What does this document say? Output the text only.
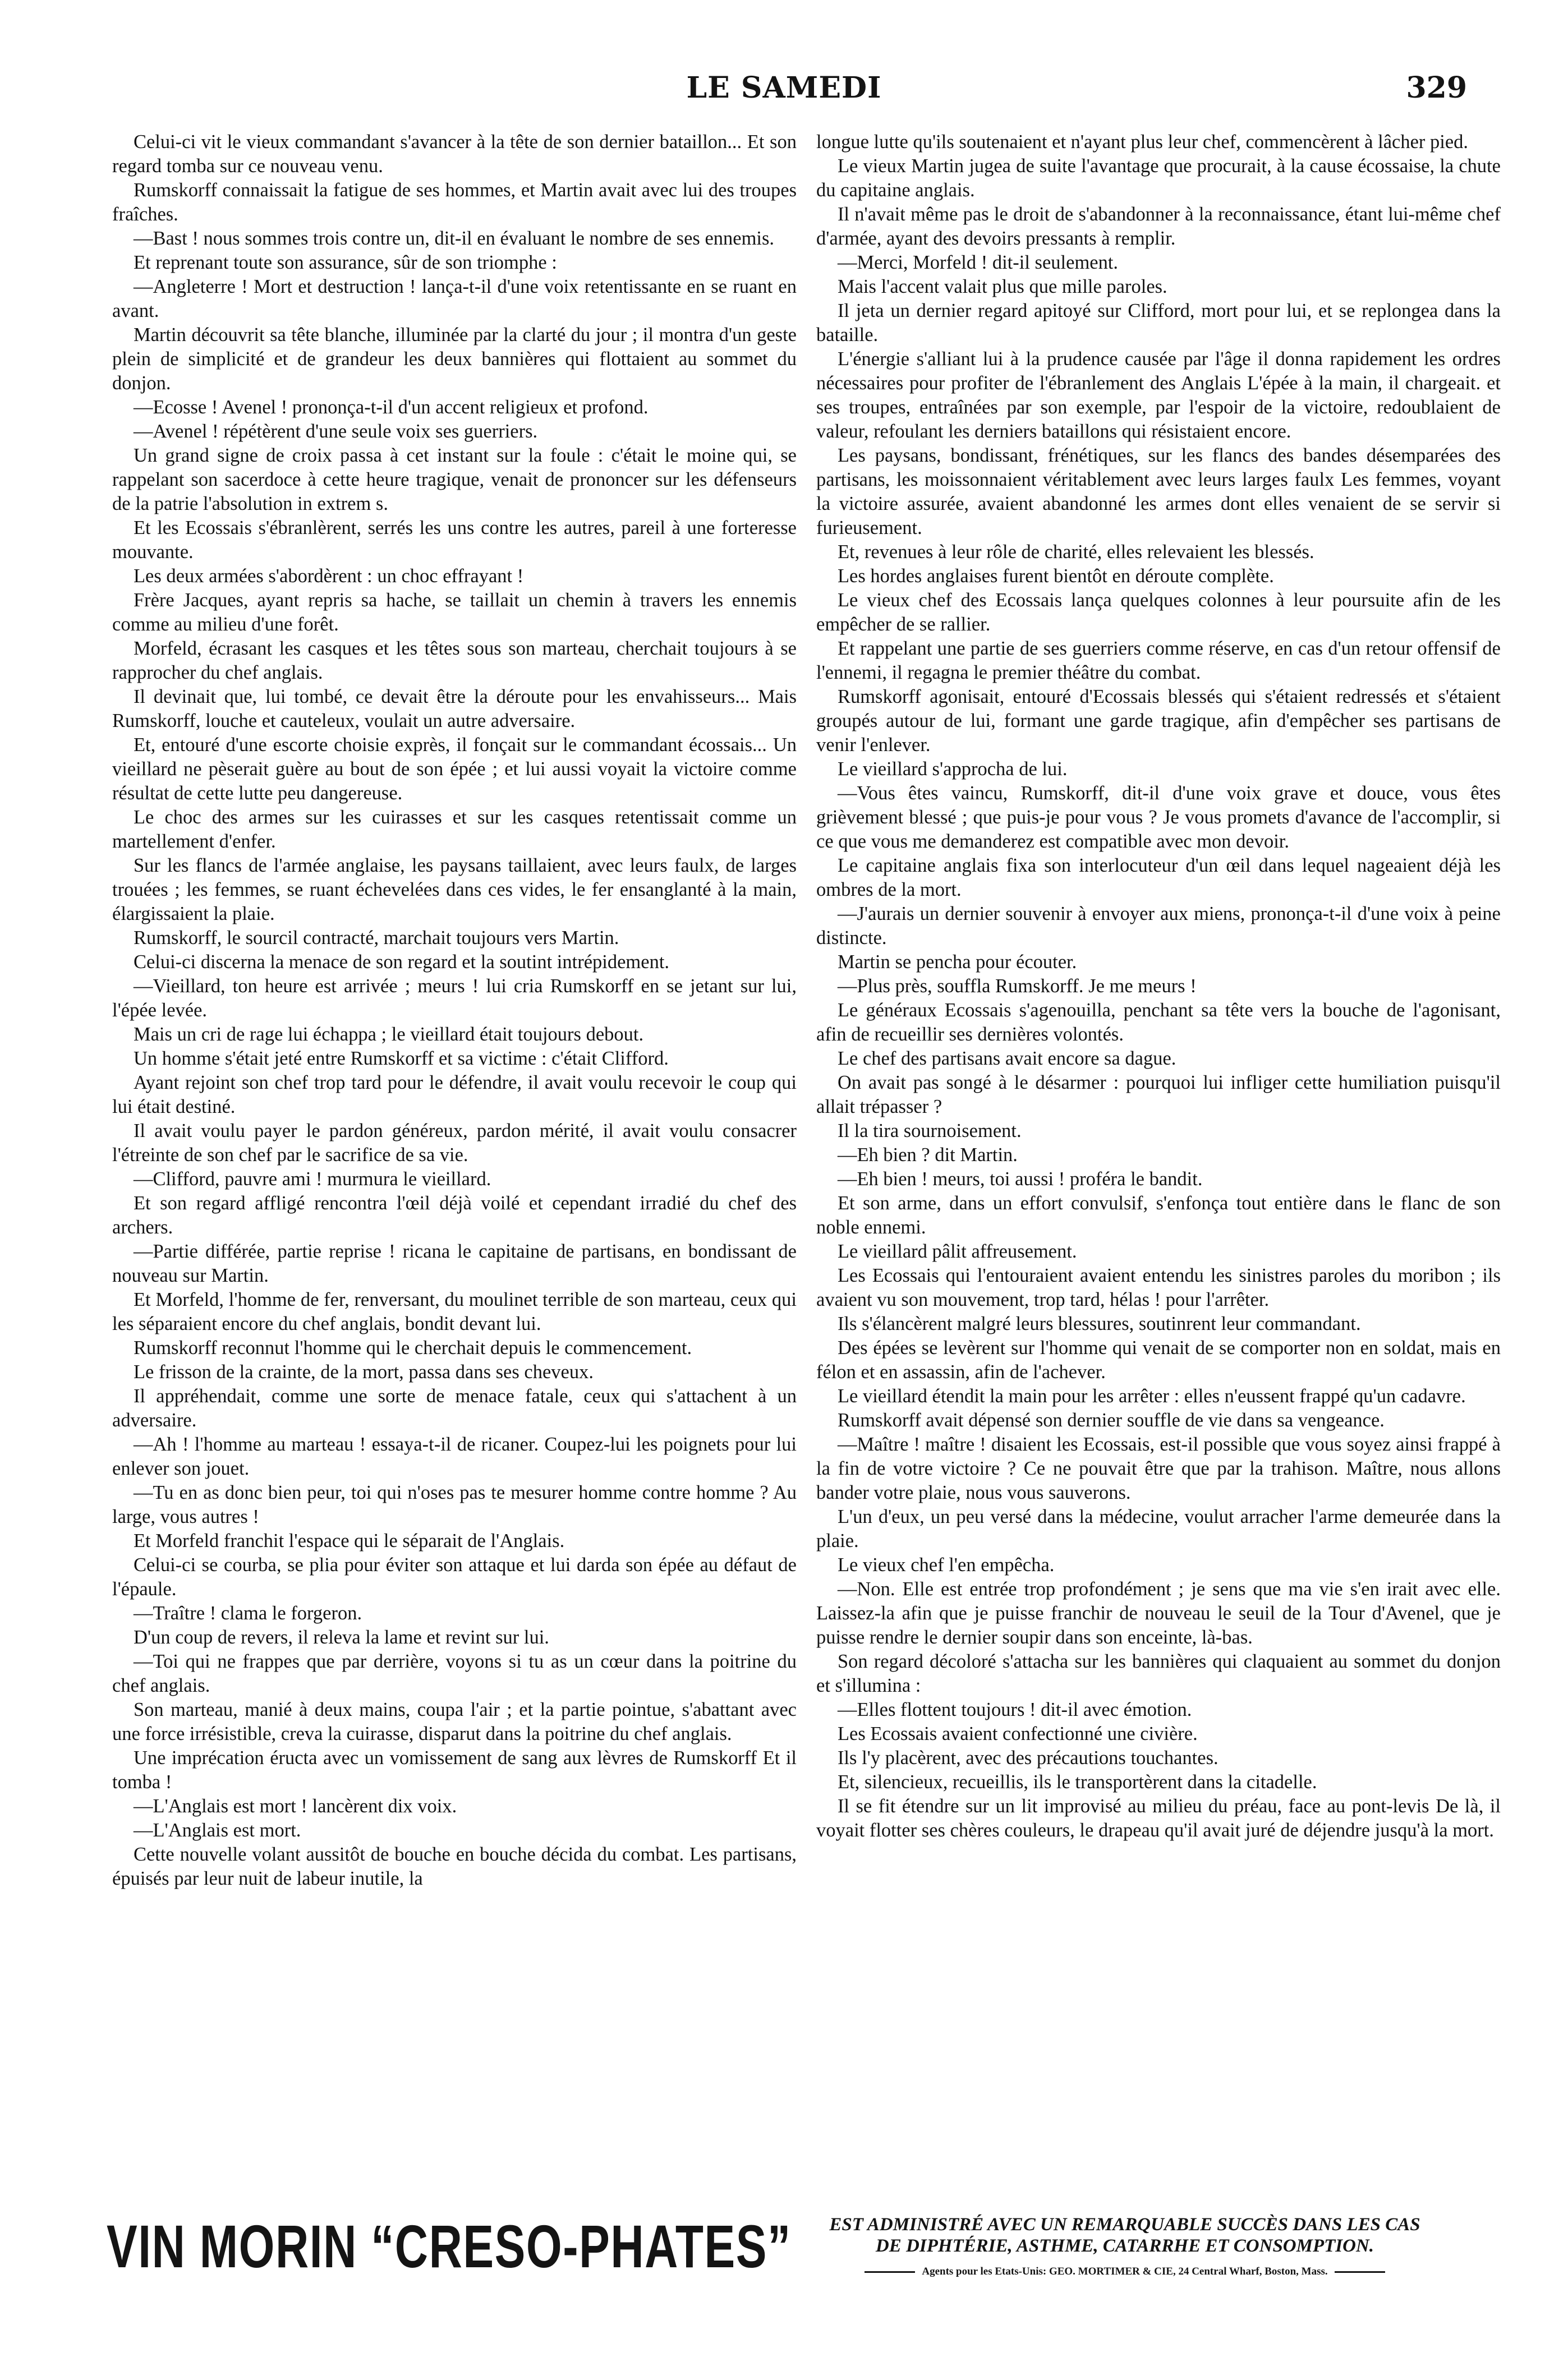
LE SAMEDI	329

Celui-ci vit le vieux commandant s'avancer à la tête de son dernier bataillon... Et son regard tomba sur ce nouveau venu.

Rumskorff connaissait la fatigue de ses hommes, et Martin avait avec lui des troupes fraîches.

—Bast ! nous sommes trois contre un, dit-il en évaluant le nombre de ses ennemis.

Et reprenant toute son assurance, sûr de son triomphe :

—Angleterre ! Mort et destruction ! lança-t-il d'une voix retentissante en se ruant en avant.

Martin découvrit sa tête blanche, illuminée par la clarté du jour ; il montra d'un geste plein de simplicité et de grandeur les deux bannières qui flottaient au sommet du donjon.

—Ecosse ! Avenel ! prononça-t-il d'un accent religieux et profond.

—Avenel ! répétèrent d'une seule voix ses guerriers.

Un grand signe de croix passa à cet instant sur la foule : c'était le moine qui, se rappelant son sacerdoce à cette heure tragique, venait de prononcer sur les défenseurs de la patrie l'absolution in extrem s.

Et les Ecossais s'ébranlèrent, serrés les uns contre les autres, pareil à une forteresse mouvante.

Les deux armées s'abordèrent : un choc effrayant !

Frère Jacques, ayant repris sa hache, se taillait un chemin à travers les ennemis comme au milieu d'une forêt.

Morfeld, écrasant les casques et les têtes sous son marteau, cherchait toujours à se rapprocher du chef anglais.

Il devinait que, lui tombé, ce devait être la déroute pour les envahisseurs... Mais Rumskorff, louche et cauteleux, voulait un autre adversaire.

Et, entouré d'une escorte choisie exprès, il fonçait sur le commandant écossais... Un vieillard ne pèserait guère au bout de son épée ; et lui aussi voyait la victoire comme résultat de cette lutte peu dangereuse.

Le choc des armes sur les cuirasses et sur les casques retentissait comme un martellement d'enfer.

Sur les flancs de l'armée anglaise, les paysans taillaient, avec leurs faulx, de larges trouées ; les femmes, se ruant échevelées dans ces vides, le fer ensanglanté à la main, élargissaient la plaie.

Rumskorff, le sourcil contracté, marchait toujours vers Martin.

Celui-ci discerna la menace de son regard et la soutint intrépidement.

—Vieillard, ton heure est arrivée ; meurs ! lui cria Rumskorff en se jetant sur lui, l'épée levée.

Mais un cri de rage lui échappa ; le vieillard était toujours debout.

Un homme s'était jeté entre Rumskorff et sa victime : c'était Clifford.

Ayant rejoint son chef trop tard pour le défendre, il avait voulu recevoir le coup qui lui était destiné.

Il avait voulu payer le pardon généreux, pardon mérité, il avait voulu consacrer l'étreinte de son chef par le sacrifice de sa vie.

—Clifford, pauvre ami ! murmura le vieillard.

Et son regard affligé rencontra l'œil déjà voilé et cependant irradié du chef des archers.

—Partie différée, partie reprise ! ricana le capitaine de partisans, en bondissant de nouveau sur Martin.

Et Morfeld, l'homme de fer, renversant, du moulinet terrible de son marteau, ceux qui les séparaient encore du chef anglais, bondit devant lui.

Rumskorff reconnut l'homme qui le cherchait depuis le commencement.

Le frisson de la crainte, de la mort, passa dans ses cheveux.

Il appréhendait, comme une sorte de menace fatale, ceux qui s'attachent à un adversaire.

—Ah ! l'homme au marteau ! essaya-t-il de ricaner. Coupez-lui les poignets pour lui enlever son jouet.

—Tu en as donc bien peur, toi qui n'oses pas te mesurer homme contre homme ? Au large, vous autres !

Et Morfeld franchit l'espace qui le séparait de l'Anglais.

Celui-ci se courba, se plia pour éviter son attaque et lui darda son épée au défaut de l'épaule.

—Traître ! clama le forgeron.

D'un coup de revers, il releva la lame et revint sur lui.

—Toi qui ne frappes que par derrière, voyons si tu as un cœur dans la poitrine du chef anglais.

Son marteau, manié à deux mains, coupa l'air ; et la partie pointue, s'abattant avec une force irrésistible, creva la cuirasse, disparut dans la poitrine du chef anglais.

Une imprécation éructa avec un vomissement de sang aux lèvres de Rumskorff Et il tomba !

—L'Anglais est mort ! lancèrent dix voix.

—L'Anglais est mort.

Cette nouvelle volant aussitôt de bouche en bouche décida du combat. Les partisans, épuisés par leur nuit de labeur inutile, la

longue lutte qu'ils soutenaient et n'ayant plus leur chef, commencèrent à lâcher pied.

Le vieux Martin jugea de suite l'avantage que procurait, à la cause écossaise, la chute du capitaine anglais.

Il n'avait même pas le droit de s'abandonner à la reconnaissance, étant lui-même chef d'armée, ayant des devoirs pressants à remplir.

—Merci, Morfeld ! dit-il seulement.

Mais l'accent valait plus que mille paroles.

Il jeta un dernier regard apitoyé sur Clifford, mort pour lui, et se replongea dans la bataille.

L'énergie s'alliant lui à la prudence causée par l'âge il donna rapidement les ordres nécessaires pour profiter de l'ébranlement des Anglais L'épée à la main, il chargeait. et ses troupes, entraînées par son exemple, par l'espoir de la victoire, redoublaient de valeur, refoulant les derniers bataillons qui résistaient encore.

Les paysans, bondissant, frénétiques, sur les flancs des bandes désemparées des partisans, les moissonnaient véritablement avec leurs larges faulx Les femmes, voyant la victoire assurée, avaient abandonné les armes dont elles venaient de se servir si furieusement.

Et, revenues à leur rôle de charité, elles relevaient les blessés.

Les hordes anglaises furent bientôt en déroute complète.

Le vieux chef des Ecossais lança quelques colonnes à leur poursuite afin de les empêcher de se rallier.

Et rappelant une partie de ses guerriers comme réserve, en cas d'un retour offensif de l'ennemi, il regagna le premier théâtre du combat.

Rumskorff agonisait, entouré d'Ecossais blessés qui s'étaient redressés et s'étaient groupés autour de lui, formant une garde tragique, afin d'empêcher ses partisans de venir l'enlever.

Le vieillard s'approcha de lui.

—Vous êtes vaincu, Rumskorff, dit-il d'une voix grave et douce, vous êtes grièvement blessé ; que puis-je pour vous ? Je vous promets d'avance de l'accomplir, si ce que vous me demanderez est compatible avec mon devoir.

Le capitaine anglais fixa son interlocuteur d'un œil dans lequel nageaient déjà les ombres de la mort.

—J'aurais un dernier souvenir à envoyer aux miens, prononça-t-il d'une voix à peine distincte.

Martin se pencha pour écouter.

—Plus près, souffla Rumskorff. Je me meurs !

Le généraux Ecossais s'agenouilla, penchant sa tête vers la bouche de l'agonisant, afin de recueillir ses dernières volontés.

Le chef des partisans avait encore sa dague.

On avait pas songé à le désarmer : pourquoi lui infliger cette humiliation puisqu'il allait trépasser ?

Il la tira sournoisement.

—Eh bien ? dit Martin.

—Eh bien ! meurs, toi aussi ! proféra le bandit.

Et son arme, dans un effort convulsif, s'enfonça tout entière dans le flanc de son noble ennemi.

Le vieillard pâlit affreusement.

Les Ecossais qui l'entouraient avaient entendu les sinistres paroles du moribon ; ils avaient vu son mouvement, trop tard, hélas ! pour l'arrêter.

Ils s'élancèrent malgré leurs blessures, soutinrent leur commandant.

Des épées se levèrent sur l'homme qui venait de se comporter non en soldat, mais en félon et en assassin, afin de l'achever.

Le vieillard étendit la main pour les arrêter : elles n'eussent frappé qu'un cadavre.

Rumskorff avait dépensé son dernier souffle de vie dans sa vengeance.

—Maître ! maître ! disaient les Ecossais, est-il possible que vous soyez ainsi frappé à la fin de votre victoire ? Ce ne pouvait être que par la trahison. Maître, nous allons bander votre plaie, nous vous sauverons.

L'un d'eux, un peu versé dans la médecine, voulut arracher l'arme demeurée dans la plaie.

Le vieux chef l'en empêcha.

—Non. Elle est entrée trop profondément ; je sens que ma vie s'en irait avec elle. Laissez-la afin que je puisse franchir de nouveau le seuil de la Tour d'Avenel, que je puisse rendre le dernier soupir dans son enceinte, là-bas.

Son regard décoloré s'attacha sur les bannières qui claquaient au sommet du donjon et s'illumina :

—Elles flottent toujours ! dit-il avec émotion.

Les Ecossais avaient confectionné une civière.

Ils l'y placèrent, avec des précautions touchantes.

Et, silencieux, recueillis, ils le transportèrent dans la citadelle.

Il se fit étendre sur un lit improvisé au milieu du préau, face au pont-levis De là, il voyait flotter ses chères couleurs, le drapeau qu'il avait juré de déjendre jusqu'à la mort.

VIN MORIN “CRESO-PHATES”	EST ADMINISTRÉ AVEC UN REMARQUABLE SUCCÈS DANS LES CAS
DE DIPHTÉRIE, ASTHME, CATARRHE ET CONSOMPTION.
Agents pour les Etats-Unis: GEO. MORTIMER & CIE, 24 Central Wharf, Boston, Mass.
